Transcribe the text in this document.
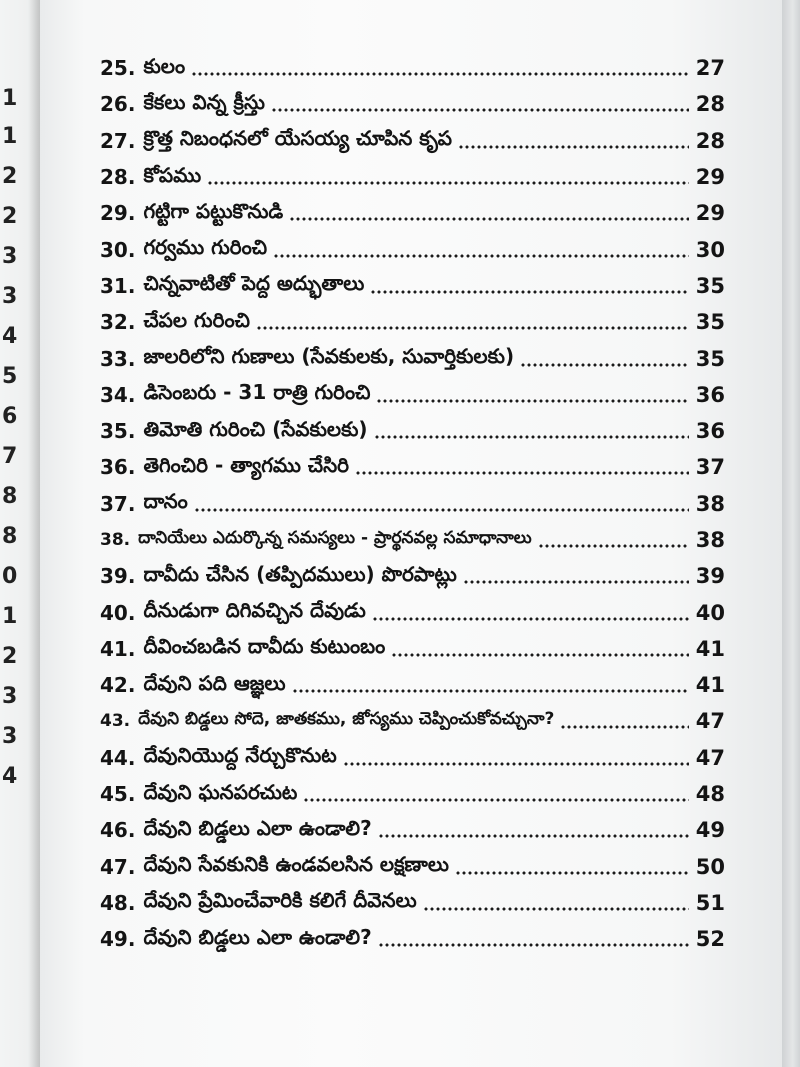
1
1
2
2
3
3
4
5
6
7
8
8
0
1
2
3
3
4
25. కులం	27
26. కేకలు విన్న క్రీస్తు	28
27. క్రొత్త నిబంధనలో యేసయ్య చూపిన కృప	28
28. కోపము	29
29. గట్టిగా పట్టుకొనుడి	29
30. గర్వము గురించి	30
31. చిన్నవాటితో పెద్ద అద్భుతాలు	35
32. చేపల గురించి	35
33. జాలరిలోని గుణాలు (సేవకులకు, సువార్తికులకు)	35
34. డిసెంబరు - 31 రాత్రి గురించి	36
35. తిమోతి గురించి (సేవకులకు)	36
36. తెగించిరి - త్యాగము చేసిరి	37
37. దానం	38
38. దానియేలు ఎదుర్కొన్న సమస్యలు - ప్రార్థనవల్ల సమాధానాలు	38
39. దావీదు చేసిన (తప్పిదములు) పొరపాట్లు	39
40. దీనుడుగా దిగివచ్చిన దేవుడు	40
41. దీవించబడిన దావీదు కుటుంబం	41
42. దేవుని పది ఆజ్ఞలు	41
43. దేవుని బిడ్డలు సోదె, జాతకము, జోస్యము చెప్పించుకోవచ్చునా?	47
44. దేవునియొద్ద నేర్చుకొనుట	47
45. దేవుని ఘనపరచుట	48
46. దేవుని బిడ్డలు ఎలా ఉండాలి?	49
47. దేవుని సేవకునికి ఉండవలసిన లక్షణాలు	50
48. దేవుని ప్రేమించేవారికి కలిగే దీవెనలు	51
49. దేవుని బిడ్డలు ఎలా ఉండాలి?	52
